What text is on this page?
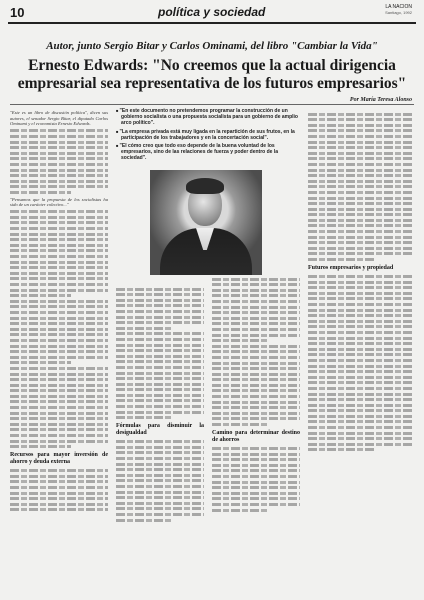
10	política y sociedad	LA NACION
Santiago, 1992
Autor, junto Sergio Bitar y Carlos Ominami, del libro "Cambiar la Vida"
Ernesto Edwards: "No creemos que la actual dirigencia
empresarial sea representativa de los futuros empresarios"
Por María Teresa Alonso
"Este es un libro de discusión política", dicen sus autores, el senador Sergio Bitar, el diputado Carlos Ominami y el economista Ernesto Edwards.
"Pensamos que la propuesta de los socialistas ha sido de un carácter colectivo..."
Recursos para mayor inversión de ahorro y deuda externa

■ "En este documento no pretendemos programar la construcción de un gobierno socialista o una propuesta socialista para un gobierno de amplio arco político".

■ "La empresa privada está muy ligada en la repartición de sus frutos, en la participación de los trabajadores y en la concertación social".

■ "El cómo creo que todo eso depende de la buena voluntad de los empresarios, sino de las relaciones de fuerza y poder dentro de la sociedad".

Fórmulas para disminuir la desigualdad	Camino para determinar destino de ahorros
Futuros empresarios y propiedad
